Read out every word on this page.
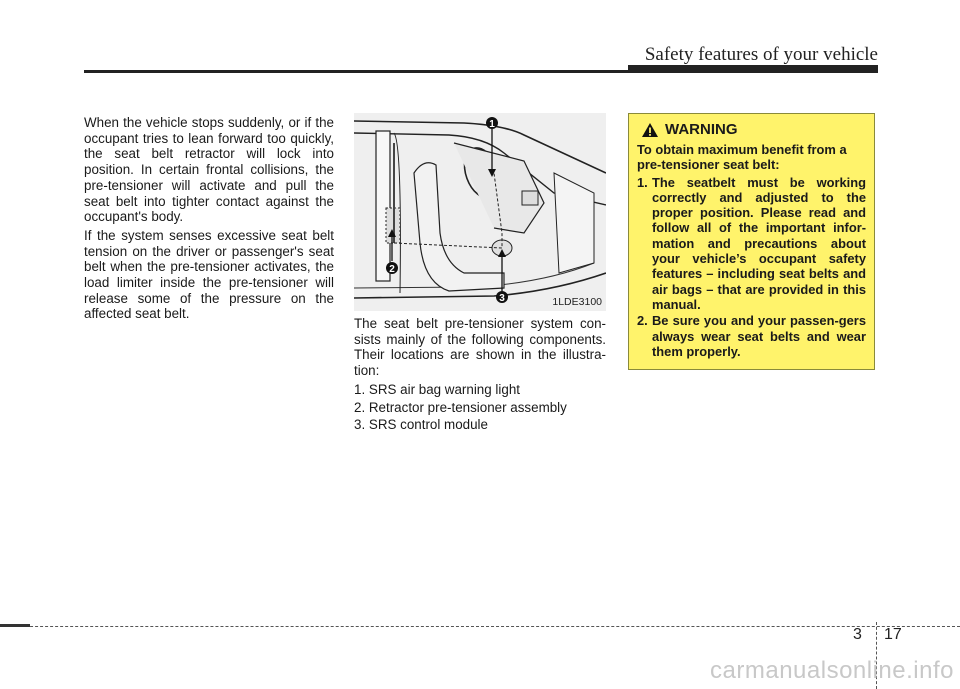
Safety features of your vehicle

When the vehicle stops suddenly, or if the occupant tries to lean forward too quickly, the seat belt retractor will lock into position. In certain frontal collisions, the pre-tensioner will activate and pull the seat belt into tighter contact against the occupant's body.

If the system senses excessive seat belt tension on the driver or passenger's seat belt when the pre-tensioner activates, the load limiter inside the pre-tensioner will release some of the pressure on the affected seat belt.

1
2
3	1LDE3100

The seat belt pre-tensioner system con-sists mainly of the following components. Their locations are shown in the illustra-tion:

1. SRS air bag warning light
2. Retractor pre-tensioner assembly
3. SRS control module
WARNING
To obtain maximum benefit from a pre-tensioner seat belt:
1. The seatbelt must be working correctly and adjusted to the proper position. Please read and follow all of the important infor-mation and precautions about your vehicle’s occupant safety features – including seat belts and air bags – that are provided in this manual.
2. Be sure you and your passen-gers always wear seat belts and wear them properly.
3 17
carmanualsonline.info
